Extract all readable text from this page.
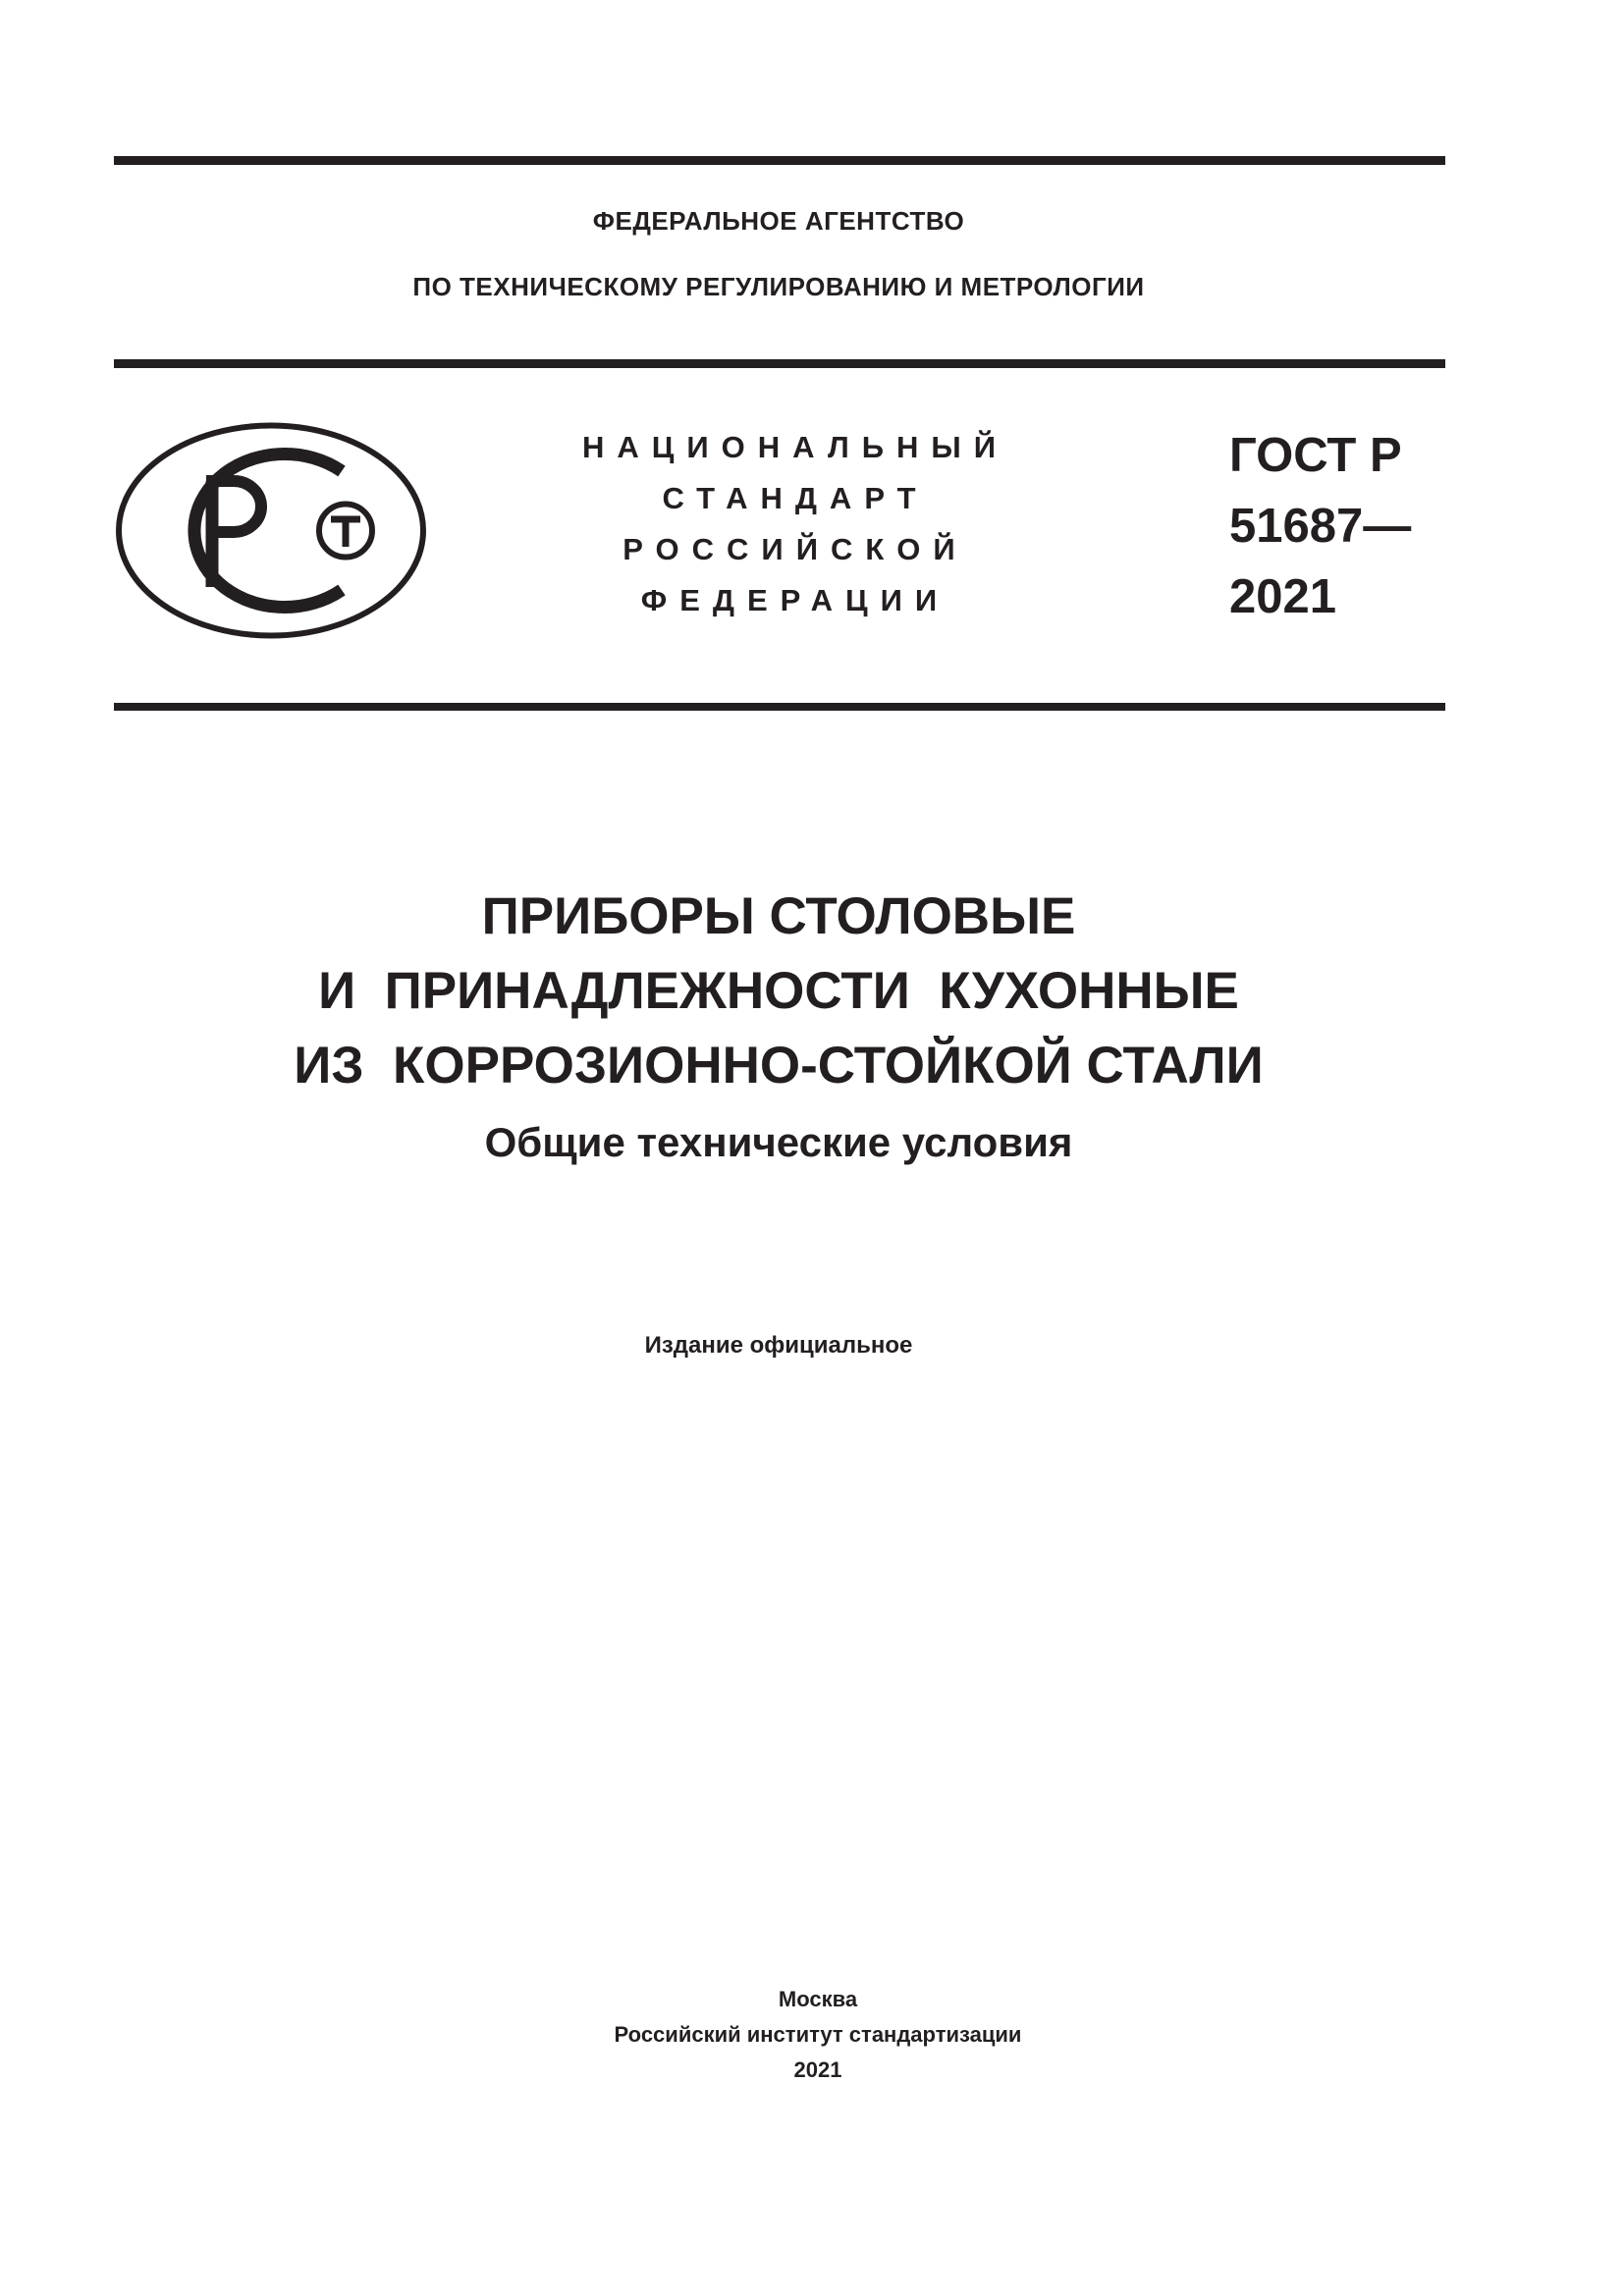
ФЕДЕРАЛЬНОЕ АГЕНТСТВО
ПО ТЕХНИЧЕСКОМУ РЕГУЛИРОВАНИЮ И МЕТРОЛОГИИ
НАЦИОНАЛЬНЫЙ
СТАНДАРТ
РОССИЙСКОЙ
ФЕДЕРАЦИИ
ГОСТ Р
51687—
2021
ПРИБОРЫ СТОЛОВЫЕ
И  ПРИНАДЛЕЖНОСТИ  КУХОННЫЕ
ИЗ  КОРРОЗИОННО-СТОЙКОЙ СТАЛИ
Общие технические условия
Издание официальное
Москва
Российский институт стандартизации
2021
